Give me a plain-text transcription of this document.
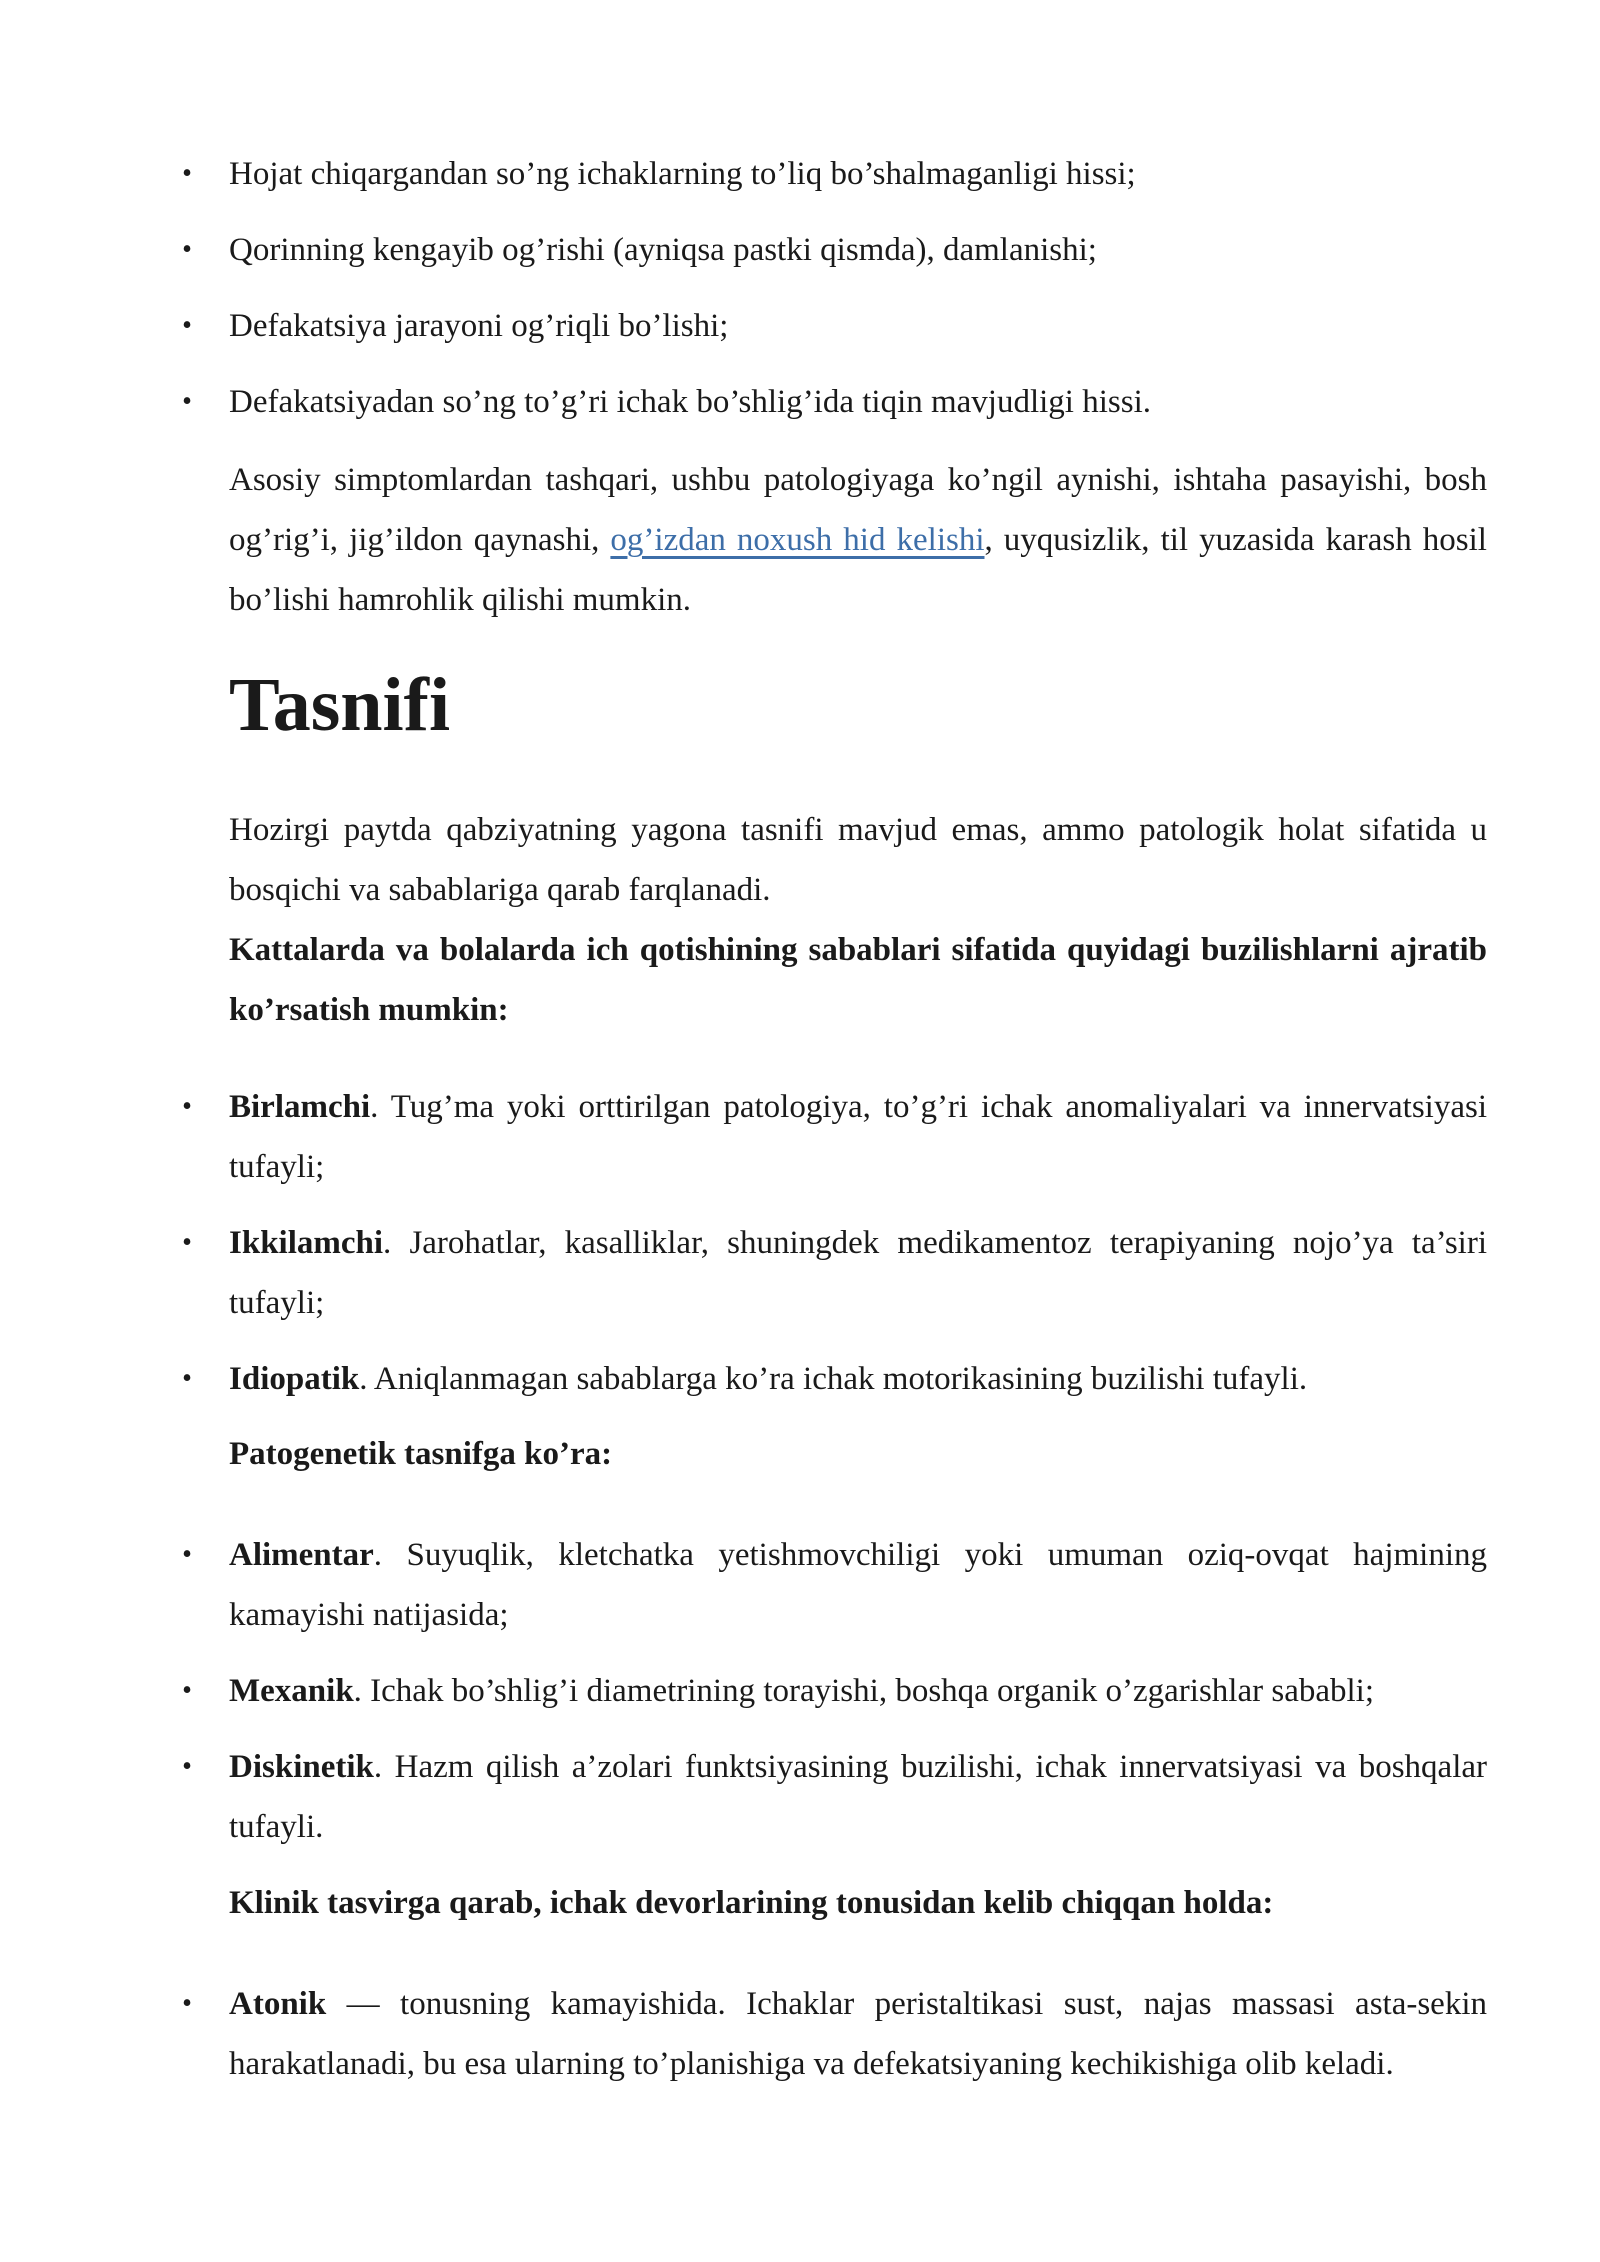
• Hojat chiqargandan so’ng ichaklarning to’liq bo’shalmaganligi hissi;
• Qorinning kengayib og’rishi (ayniqsa pastki qismda), damlanishi;
• Defakatsiya jarayoni og’riqli bo’lishi;
• Defakatsiyadan so’ng to’g’ri ichak bo’shlig’ida tiqin mavjudligi hissi.

Asosiy simptomlardan tashqari, ushbu patologiyaga ko’ngil aynishi, ishtaha pasayishi, bosh og’rig’i, jig’ildon qaynashi, og’izdan noxush hid kelishi, uyqusizlik, til yuzasida karash hosil bo’lishi hamrohlik qilishi mumkin.

Tasnifi

Hozirgi paytda qabziyatning yagona tasnifi mavjud emas, ammo patologik holat sifatida u bosqichi va sabablariga qarab farqlanadi.

Kattalarda va bolalarda ich qotishining sabablari sifatida quyidagi buzilishlarni ajratib ko’rsatish mumkin:

• Birlamchi. Tug’ma yoki orttirilgan patologiya, to’g’ri ichak anomaliyalari va innervatsiyasi tufayli;
• Ikkilamchi. Jarohatlar, kasalliklar, shuningdek medikamentoz terapiyaning nojo’ya ta’siri tufayli;
• Idiopatik. Aniqlanmagan sabablarga ko’ra ichak motorikasining buzilishi tufayli.

Patogenetik tasnifga ko’ra:

• Alimentar. Suyuqlik, kletchatka yetishmovchiligi yoki umuman oziq-ovqat hajmining kamayishi natijasida;
• Mexanik. Ichak bo’shlig’i diametrining torayishi, boshqa organik o’zgarishlar sababli;
• Diskinetik. Hazm qilish a’zolari funktsiyasining buzilishi, ichak innervatsiyasi va boshqalar tufayli.

Klinik tasvirga qarab, ichak devorlarining tonusidan kelib chiqqan holda:

• Atonik — tonusning kamayishida. Ichaklar peristaltikasi sust, najas massasi asta-sekin harakatlanadi, bu esa ularning to’planishiga va defekatsiyaning kechikishiga olib keladi.
